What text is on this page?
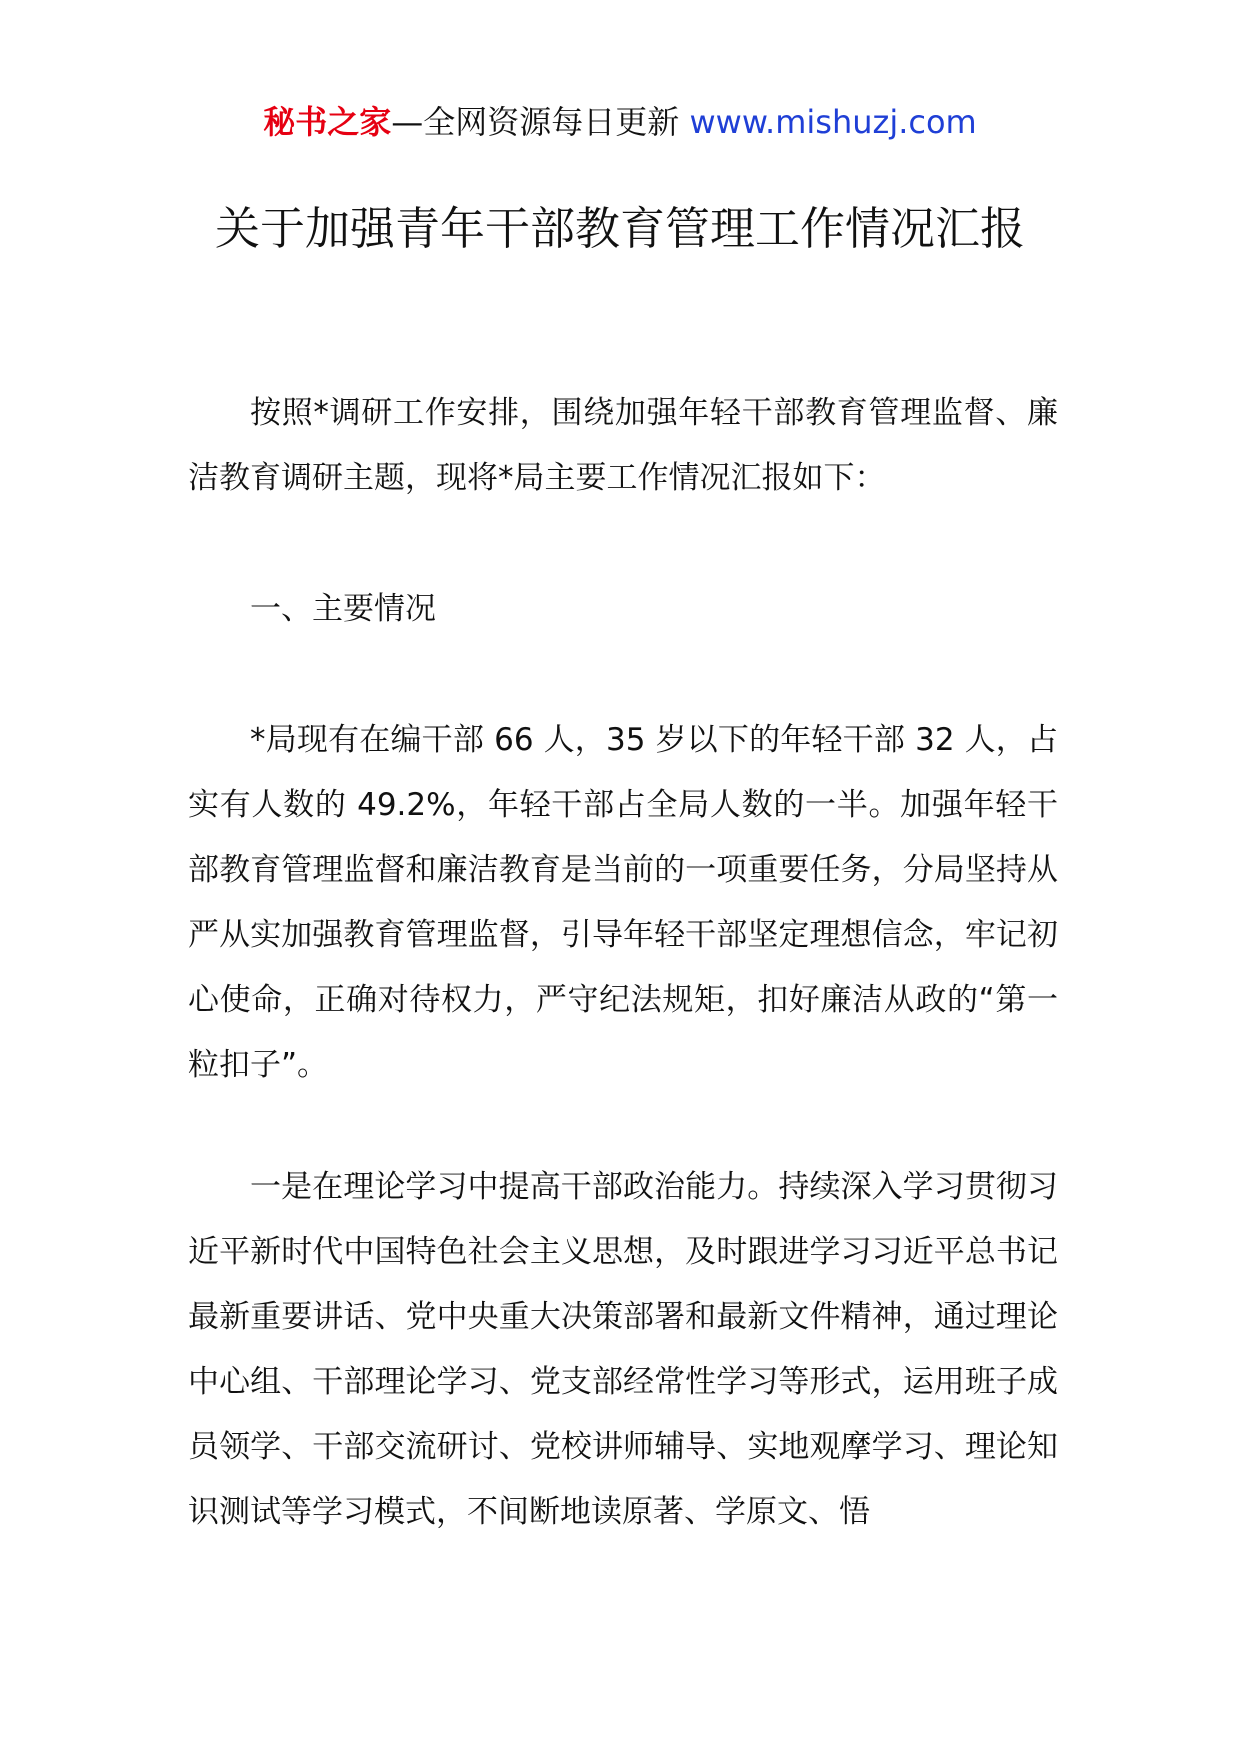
秘书之家—全网资源每日更新 www.mishuzj.com
关于加强青年干部教育管理工作情况汇报

按照*调研工作安排，围绕加强年轻干部教育管理监督、廉洁教育调研主题，现将*局主要工作情况汇报如下：

一、主要情况

*局现有在编干部 66 人，35 岁以下的年轻干部 32 人，占实有人数的 49.2%，年轻干部占全局人数的一半。加强年轻干部教育管理监督和廉洁教育是当前的一项重要任务，分局坚持从严从实加强教育管理监督，引导年轻干部坚定理想信念，牢记初心使命，正确对待权力，严守纪法规矩，扣好廉洁从政的“第一粒扣子”。

一是在理论学习中提高干部政治能力。持续深入学习贯彻习近平新时代中国特色社会主义思想，及时跟进学习习近平总书记最新重要讲话、党中央重大决策部署和最新文件精神，通过理论中心组、干部理论学习、党支部经常性学习等形式，运用班子成员领学、干部交流研讨、党校讲师辅导、实地观摩学习、理论知识测试等学习模式，不间断地读原著、学原文、悟
